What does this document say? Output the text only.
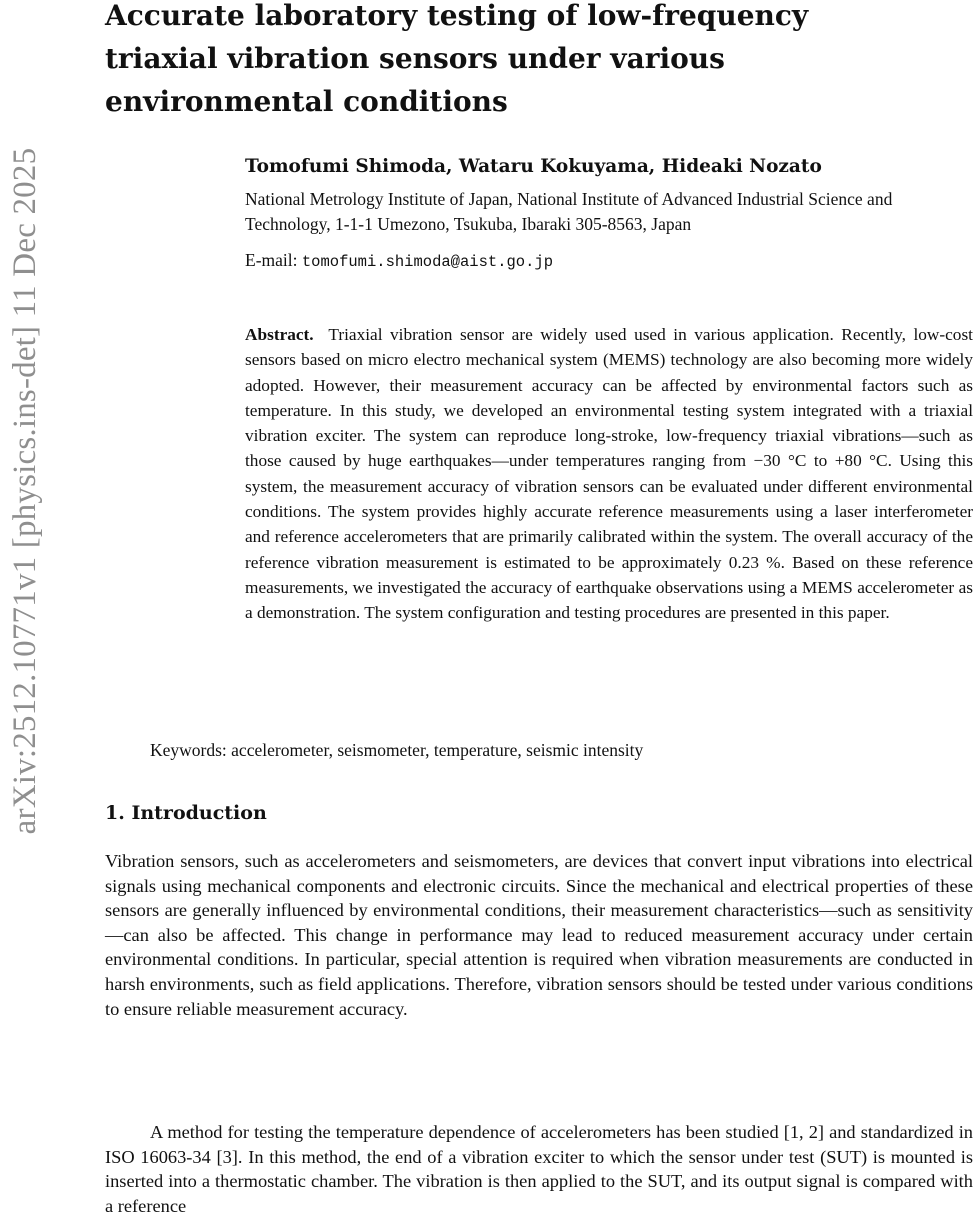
arXiv:2512.10771v1 [physics.ins-det] 11 Dec 2025
Accurate laboratory testing of low-frequency triaxial vibration sensors under various environmental conditions
Tomofumi Shimoda, Wataru Kokuyama, Hideaki Nozato
National Metrology Institute of Japan, National Institute of Advanced Industrial Science and Technology, 1-1-1 Umezono, Tsukuba, Ibaraki 305-8563, Japan
E-mail: tomofumi.shimoda@aist.go.jp
Abstract. Triaxial vibration sensor are widely used used in various application. Recently, low-cost sensors based on micro electro mechanical system (MEMS) technology are also becoming more widely adopted. However, their measurement accuracy can be affected by environmental factors such as temperature. In this study, we developed an environmental testing system integrated with a triaxial vibration exciter. The system can reproduce long-stroke, low-frequency triaxial vibrations—such as those caused by huge earthquakes—under temperatures ranging from −30 °C to +80 °C. Using this system, the measurement accuracy of vibration sensors can be evaluated under different environmental conditions. The system provides highly accurate reference measurements using a laser interferometer and reference accelerometers that are primarily calibrated within the system. The overall accuracy of the reference vibration measurement is estimated to be approximately 0.23 %. Based on these reference measurements, we investigated the accuracy of earthquake observations using a MEMS accelerometer as a demonstration. The system configuration and testing procedures are presented in this paper.
Keywords: accelerometer, seismometer, temperature, seismic intensity
1. Introduction

Vibration sensors, such as accelerometers and seismometers, are devices that convert input vibrations into electrical signals using mechanical components and electronic circuits. Since the mechanical and electrical properties of these sensors are generally influenced by environmental conditions, their measurement characteristics—such as sensitivity—can also be affected. This change in performance may lead to reduced measurement accuracy under certain environmental conditions. In particular, special attention is required when vibration measurements are conducted in harsh environments, such as field applications. Therefore, vibration sensors should be tested under various conditions to ensure reliable measurement accuracy.

A method for testing the temperature dependence of accelerometers has been studied [1, 2] and standardized in ISO 16063-34 [3]. In this method, the end of a vibration exciter to which the sensor under test (SUT) is mounted is inserted into a thermostatic chamber. The vibration is then applied to the SUT, and its output signal is compared with a reference
